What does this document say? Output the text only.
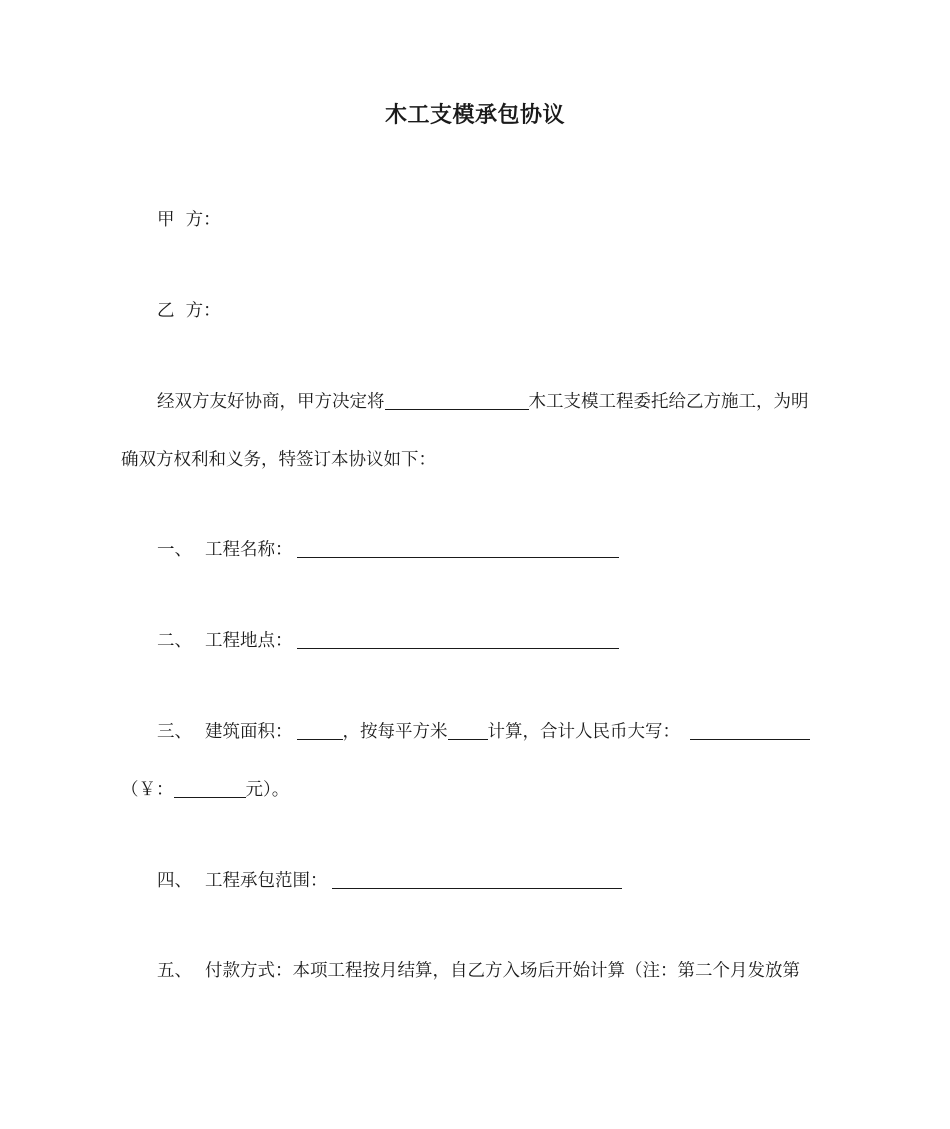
木工支模承包协议
甲  方：
乙  方：
经双方友好协商，甲方决定将	木工支模工程委托给乙方施工，为明
确双方权利和义务，特签订本协议如下：
一、 工程名称：
二、 工程地点：
三、 建筑面积：	，按每平方米 计算，合计人民币大写：
（￥：	元）。
四、 工程承包范围：
五、 付款方式：本项工程按月结算，自乙方入场后开始计算（注：第二个月发放第
